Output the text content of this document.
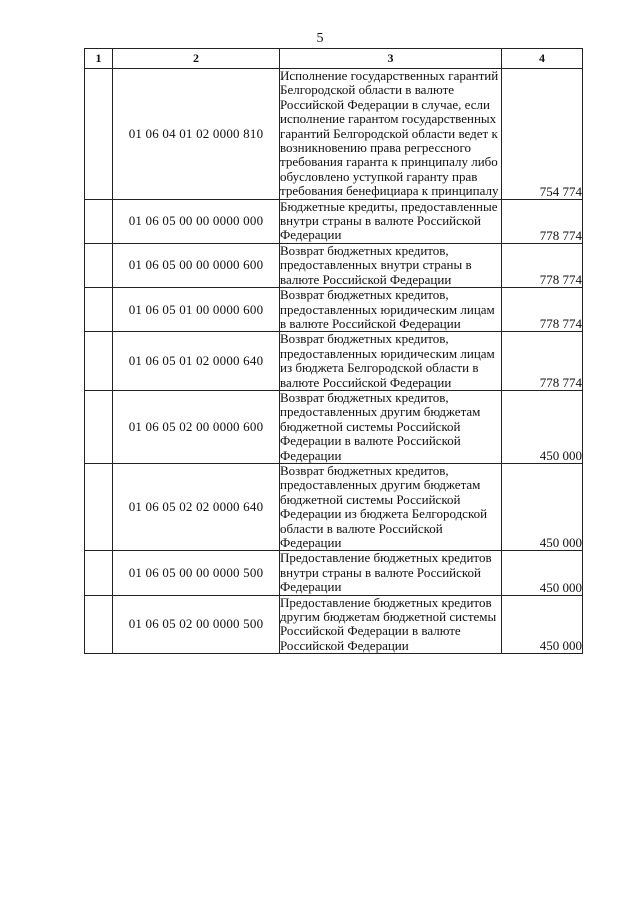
5
1	2	3	4
	01 06 04 01 02 0000 810	Исполнение государственных гарантий Белгородской области в валюте Российской Федерации в случае, если исполнение гарантом государственных гарантий Белгородской области ведет к возникновению права регрессного требования гаранта к принципалу либо обусловлено уступкой гаранту прав требования бенефициара к принципалу	754 774
	01 06 05 00 00 0000 000	Бюджетные кредиты, предоставленные внутри страны в валюте Российской Федерации	778 774
	01 06 05 00 00 0000 600	Возврат бюджетных кредитов, предоставленных внутри страны в валюте Российской Федерации	778 774
	01 06 05 01 00 0000 600	Возврат бюджетных кредитов, предоставленных юридическим лицам в валюте Российской Федерации	778 774
	01 06 05 01 02 0000 640	Возврат бюджетных кредитов, предоставленных юридическим лицам из бюджета Белгородской области в валюте Российской Федерации	778 774
	01 06 05 02 00 0000 600	Возврат бюджетных кредитов, предоставленных другим бюджетам бюджетной системы Российской Федерации в валюте Российской Федерации	450 000
	01 06 05 02 02 0000 640	Возврат бюджетных кредитов, предоставленных другим бюджетам бюджетной системы Российской Федерации из бюджета Белгородской области в валюте Российской Федерации	450 000
	01 06 05 00 00 0000 500	Предоставление бюджетных кредитов внутри страны в валюте Российской Федерации	450 000
	01 06 05 02 00 0000 500	Предоставление бюджетных кредитов другим бюджетам бюджетной системы Российской Федерации в валюте Российской Федерации	450 000
